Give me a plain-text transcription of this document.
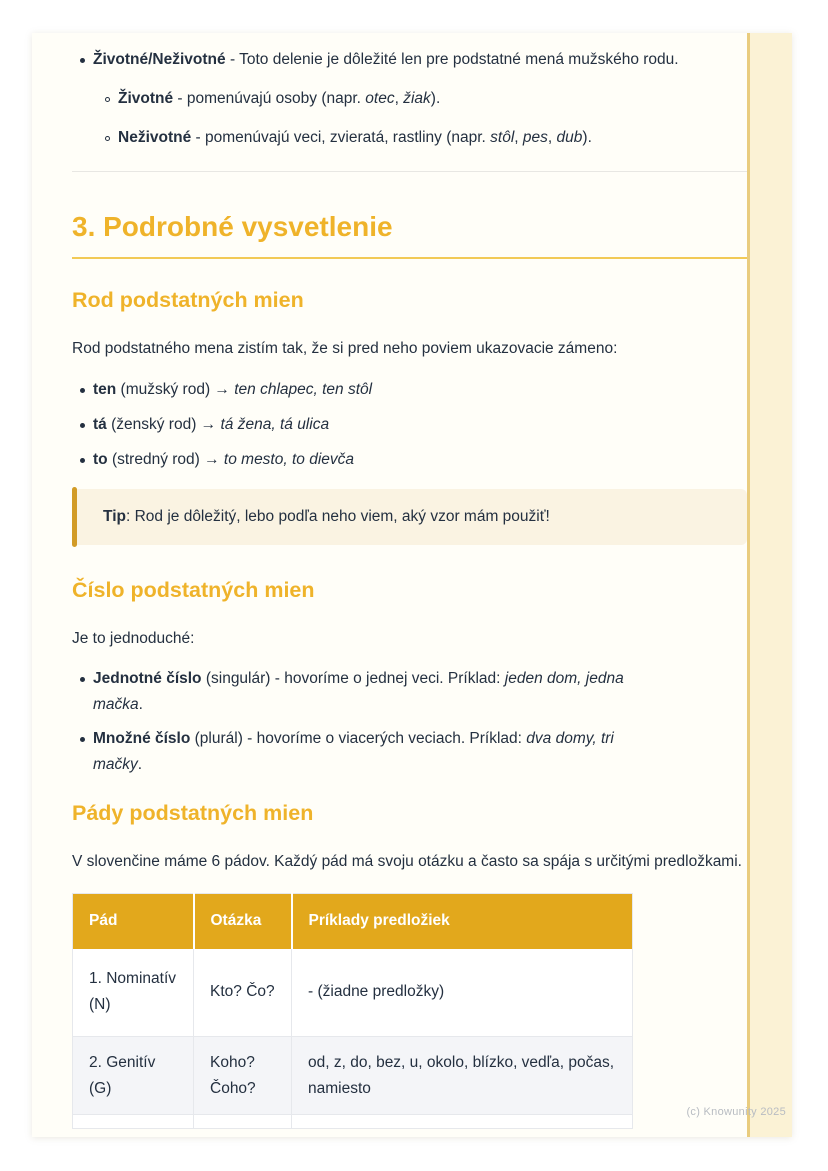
Životné/Neživotné - Toto delenie je dôležité len pre podstatné mená mužského rodu.
Životné - pomenúvajú osoby (napr. otec, žiak).
Neživotné - pomenúvajú veci, zvieratá, rastliny (napr. stôl, pes, dub).
3. Podrobné vysvetlenie
Rod podstatných mien

Rod podstatného mena zistím tak, že si pred neho poviem ukazovacie zámeno:

ten (mužský rod) → ten chlapec, ten stôl
tá (ženský rod) → tá žena, tá ulica
to (stredný rod) → to mesto, to dievča

Tip: Rod je dôležitý, lebo podľa neho viem, aký vzor mám použiť!

Číslo podstatných mien

Je to jednoduché:

Jednotné číslo (singulár) - hovoríme o jednej veci. Príklad: jeden dom, jedna mačka.
Množné číslo (plurál) - hovoríme o viacerých veciach. Príklad: dva domy, tri mačky.
Pády podstatných mien

V slovenčine máme 6 pádov. Každý pád má svoju otázku a často sa spája s určitými predložkami.

Pád	Otázka	Príklady predložiek
1. Nominatív (N)	Kto? Čo?	- (žiadne predložky)
2. Genitív (G)	Koho? Čoho?	od, z, do, bez, u, okolo, blízko, vedľa, počas, namiesto

(c) Knowunity 2025
